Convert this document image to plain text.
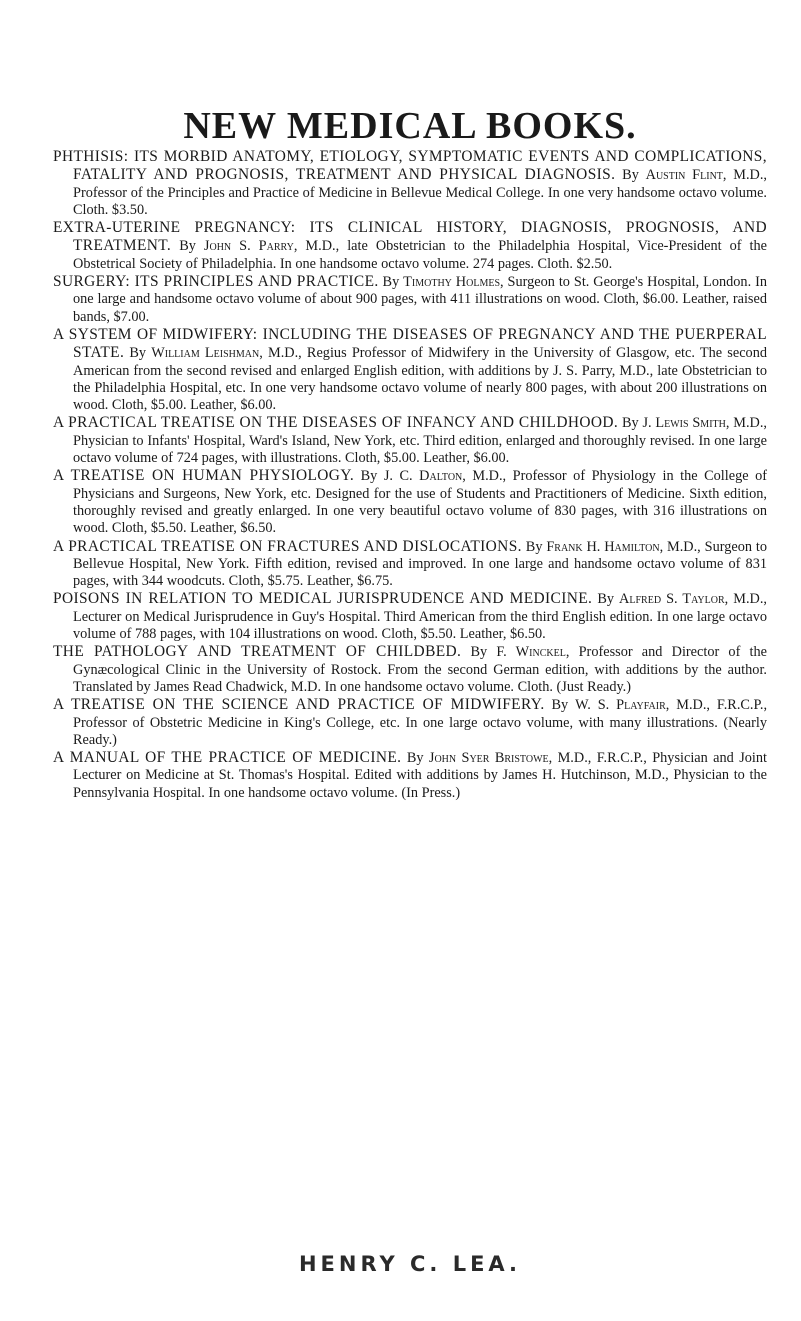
NEW MEDICAL BOOKS.

PHTHISIS: ITS MORBID ANATOMY, ETIOLOGY, SYMPTOMATIC EVENTS AND COMPLICATIONS, FATALITY AND PROGNOSIS, TREATMENT AND PHYSICAL DIAGNOSIS. By Austin Flint, M.D., Professor of the Principles and Practice of Medicine in Bellevue Medical College. In one very handsome octavo volume. Cloth. $3.50.

EXTRA-UTERINE PREGNANCY: ITS CLINICAL HISTORY, DIAGNOSIS, PROGNOSIS, AND TREATMENT. By John S. Parry, M.D., late Obstetrician to the Philadelphia Hospital, Vice-President of the Obstetrical Society of Philadelphia. In one handsome octavo volume. 274 pages. Cloth. $2.50.

SURGERY: ITS PRINCIPLES AND PRACTICE. By Timothy Holmes, Surgeon to St. George's Hospital, London. In one large and handsome octavo volume of about 900 pages, with 411 illustrations on wood. Cloth, $6.00. Leather, raised bands, $7.00.

A SYSTEM OF MIDWIFERY: INCLUDING THE DISEASES OF PREGNANCY AND THE PUERPERAL STATE. By William Leishman, M.D., Regius Professor of Midwifery in the University of Glasgow, etc. The second American from the second revised and enlarged English edition, with additions by J. S. Parry, M.D., late Obstetrician to the Philadelphia Hospital, etc. In one very handsome octavo volume of nearly 800 pages, with about 200 illustrations on wood. Cloth, $5.00. Leather, $6.00.

A PRACTICAL TREATISE ON THE DISEASES OF INFANCY AND CHILDHOOD. By J. Lewis Smith, M.D., Physician to Infants' Hospital, Ward's Island, New York, etc. Third edition, enlarged and thoroughly revised. In one large octavo volume of 724 pages, with illustrations. Cloth, $5.00. Leather, $6.00.

A TREATISE ON HUMAN PHYSIOLOGY. By J. C. Dalton, M.D., Professor of Physiology in the College of Physicians and Surgeons, New York, etc. Designed for the use of Students and Practitioners of Medicine. Sixth edition, thoroughly revised and greatly enlarged. In one very beautiful octavo volume of 830 pages, with 316 illustrations on wood. Cloth, $5.50. Leather, $6.50.

A PRACTICAL TREATISE ON FRACTURES AND DISLOCATIONS. By Frank H. Hamilton, M.D., Surgeon to Bellevue Hospital, New York. Fifth edition, revised and improved. In one large and handsome octavo volume of 831 pages, with 344 woodcuts. Cloth, $5.75. Leather, $6.75.

POISONS IN RELATION TO MEDICAL JURISPRUDENCE AND MEDICINE. By Alfred S. Taylor, M.D., Lecturer on Medical Jurisprudence in Guy's Hospital. Third American from the third English edition. In one large octavo volume of 788 pages, with 104 illustrations on wood. Cloth, $5.50. Leather, $6.50.

THE PATHOLOGY AND TREATMENT OF CHILDBED. By F. Winckel, Professor and Director of the Gynæcological Clinic in the University of Rostock. From the second German edition, with additions by the author. Translated by James Read Chadwick, M.D. In one handsome octavo volume. Cloth. (Just Ready.)

A TREATISE ON THE SCIENCE AND PRACTICE OF MIDWIFERY. By W. S. Playfair, M.D., F.R.C.P., Professor of Obstetric Medicine in King's College, etc. In one large octavo volume, with many illustrations. (Nearly Ready.)

A MANUAL OF THE PRACTICE OF MEDICINE. By John Syer Bristowe, M.D., F.R.C.P., Physician and Joint Lecturer on Medicine at St. Thomas's Hospital. Edited with additions by James H. Hutchinson, M.D., Physician to the Pennsylvania Hospital. In one handsome octavo volume. (In Press.)

HENRY C. LEA.
